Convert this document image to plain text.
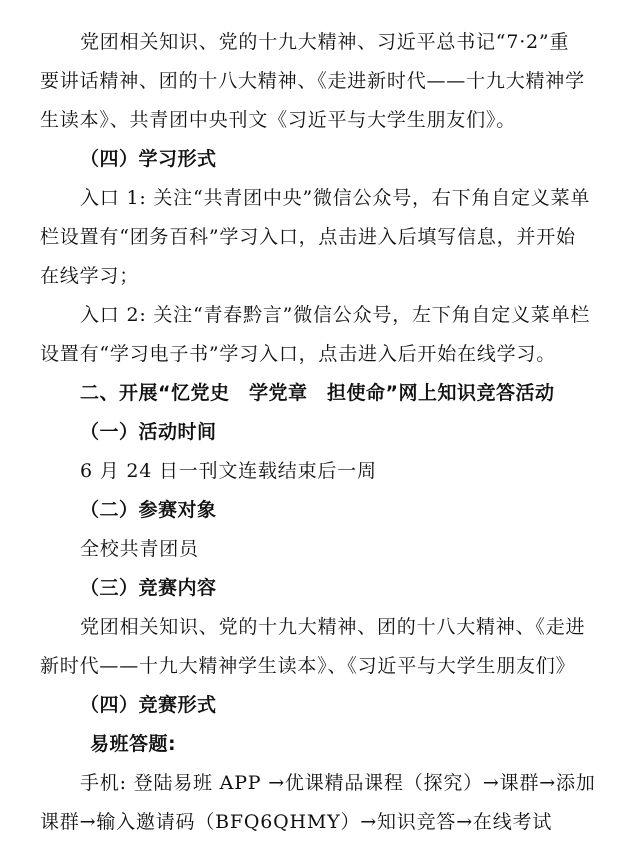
党团相关知识、党的十九大精神、习近平总书记“7·2”重
要讲话精神、团的十八大精神、《走进新时代——十九大精神学
生读本》、共青团中央刊文《习近平与大学生朋友们》。
（四）学习形式
入口 1: 关注“共青团中央”微信公众号，右下角自定义菜单
栏设置有“团务百科”学习入口，点击进入后填写信息，并开始
在线学习；
入口 2: 关注“青春黔言”微信公众号，左下角自定义菜单栏
设置有“学习电子书”学习入口，点击进入后开始在线学习。
二、开展“忆党史　学党章　担使命”网上知识竞答活动
（一）活动时间
6 月 24 日一刊文连载结束后一周
（二）参赛对象
全校共青团员
（三）竞赛内容
党团相关知识、党的十九大精神、团的十八大精神、《走进
新时代——十九大精神学生读本》、《习近平与大学生朋友们》
（四）竞赛形式
易班答题:
手机: 登陆易班 APP →优课精品课程（探究）→课群→添加
课群→输入邀请码（BFQ6QHMY）→知识竞答→在线考试
